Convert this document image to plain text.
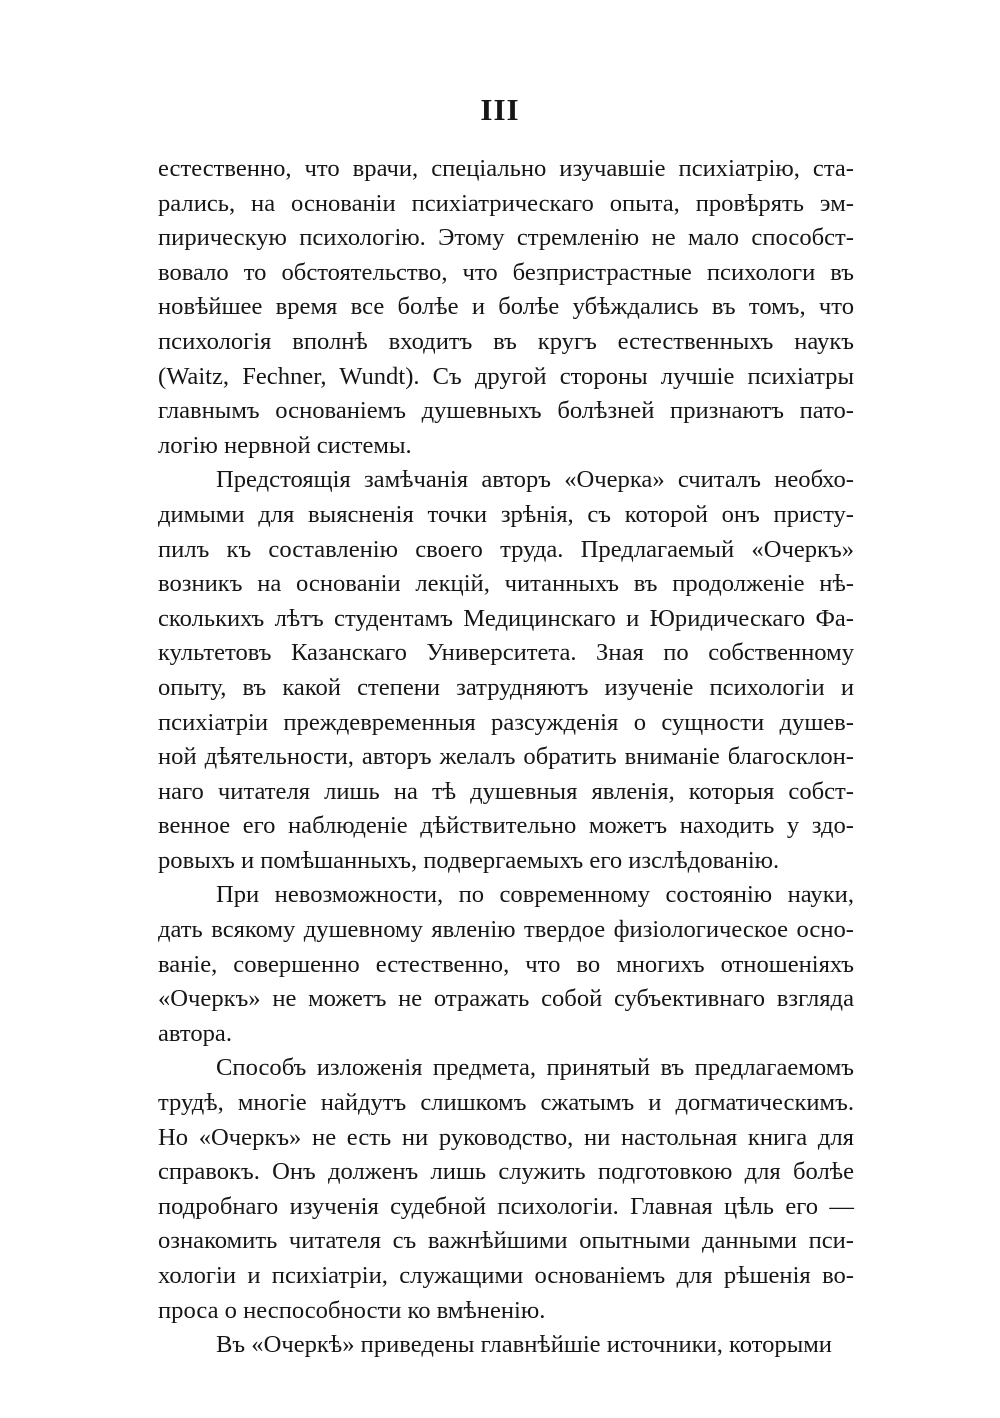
III
естественно, что врачи, спеціально изучавшіе психіатрію, ста-
рались, на основаніи психіатрическаго опыта, провѣрять эм-
пирическую психологію. Этому стремленію не мало способст-
вовало то обстоятельство, что безпристрастные психологи въ
новѣйшее время все болѣе и болѣе убѣждались въ томъ, что
психологія вполнѣ входитъ въ кругъ естественныхъ наукъ
(Waitz, Fechner, Wundt). Съ другой стороны лучшіе психіатры
главнымъ основаніемъ душевныхъ болѣзней признаютъ пато-
логію нервной системы.
Предстоящія замѣчанія авторъ «Очерка» считалъ необхо-
димыми для выясненія точки зрѣнія, съ которой онъ присту-
пилъ къ составленію своего труда. Предлагаемый «Очеркъ»
возникъ на основаніи лекцій, читанныхъ въ продолженіе нѣ-
сколькихъ лѣтъ студентамъ Медицинскаго и Юридическаго Фа-
культетовъ Казанскаго Университета. Зная по собственному
опыту, въ какой степени затрудняютъ изученіе психологіи и
психіатріи преждевременныя разсужденія о сущности душев-
ной дѣятельности, авторъ желалъ обратить вниманіе благосклон-
наго читателя лишь на тѣ душевныя явленія, которыя собст-
венное его наблюденіе дѣйствительно можетъ находить у здо-
ровыхъ и помѣшанныхъ, подвергаемыхъ его изслѣдованію.
При невозможности, по современному состоянію науки,
дать всякому душевному явленію твердое физіологическое осно-
ваніе, совершенно естественно, что во многихъ отношеніяхъ
«Очеркъ» не можетъ не отражать собой субъективнаго взгляда
автора.
Способъ изложенія предмета, принятый въ предлагаемомъ
трудѣ, многіе найдутъ слишкомъ сжатымъ и догматическимъ.
Но «Очеркъ» не есть ни руководство, ни настольная книга для
справокъ. Онъ долженъ лишь служить подготовкою для болѣе
подробнаго изученія судебной психологіи. Главная цѣль его —
ознакомить читателя съ важнѣйшими опытными данными пси-
хологіи и психіатріи, служащими основаніемъ для рѣшенія во-
проса о неспособности ко вмѣненію.
Въ «Очеркѣ» приведены главнѣйшіе источники, которыми
